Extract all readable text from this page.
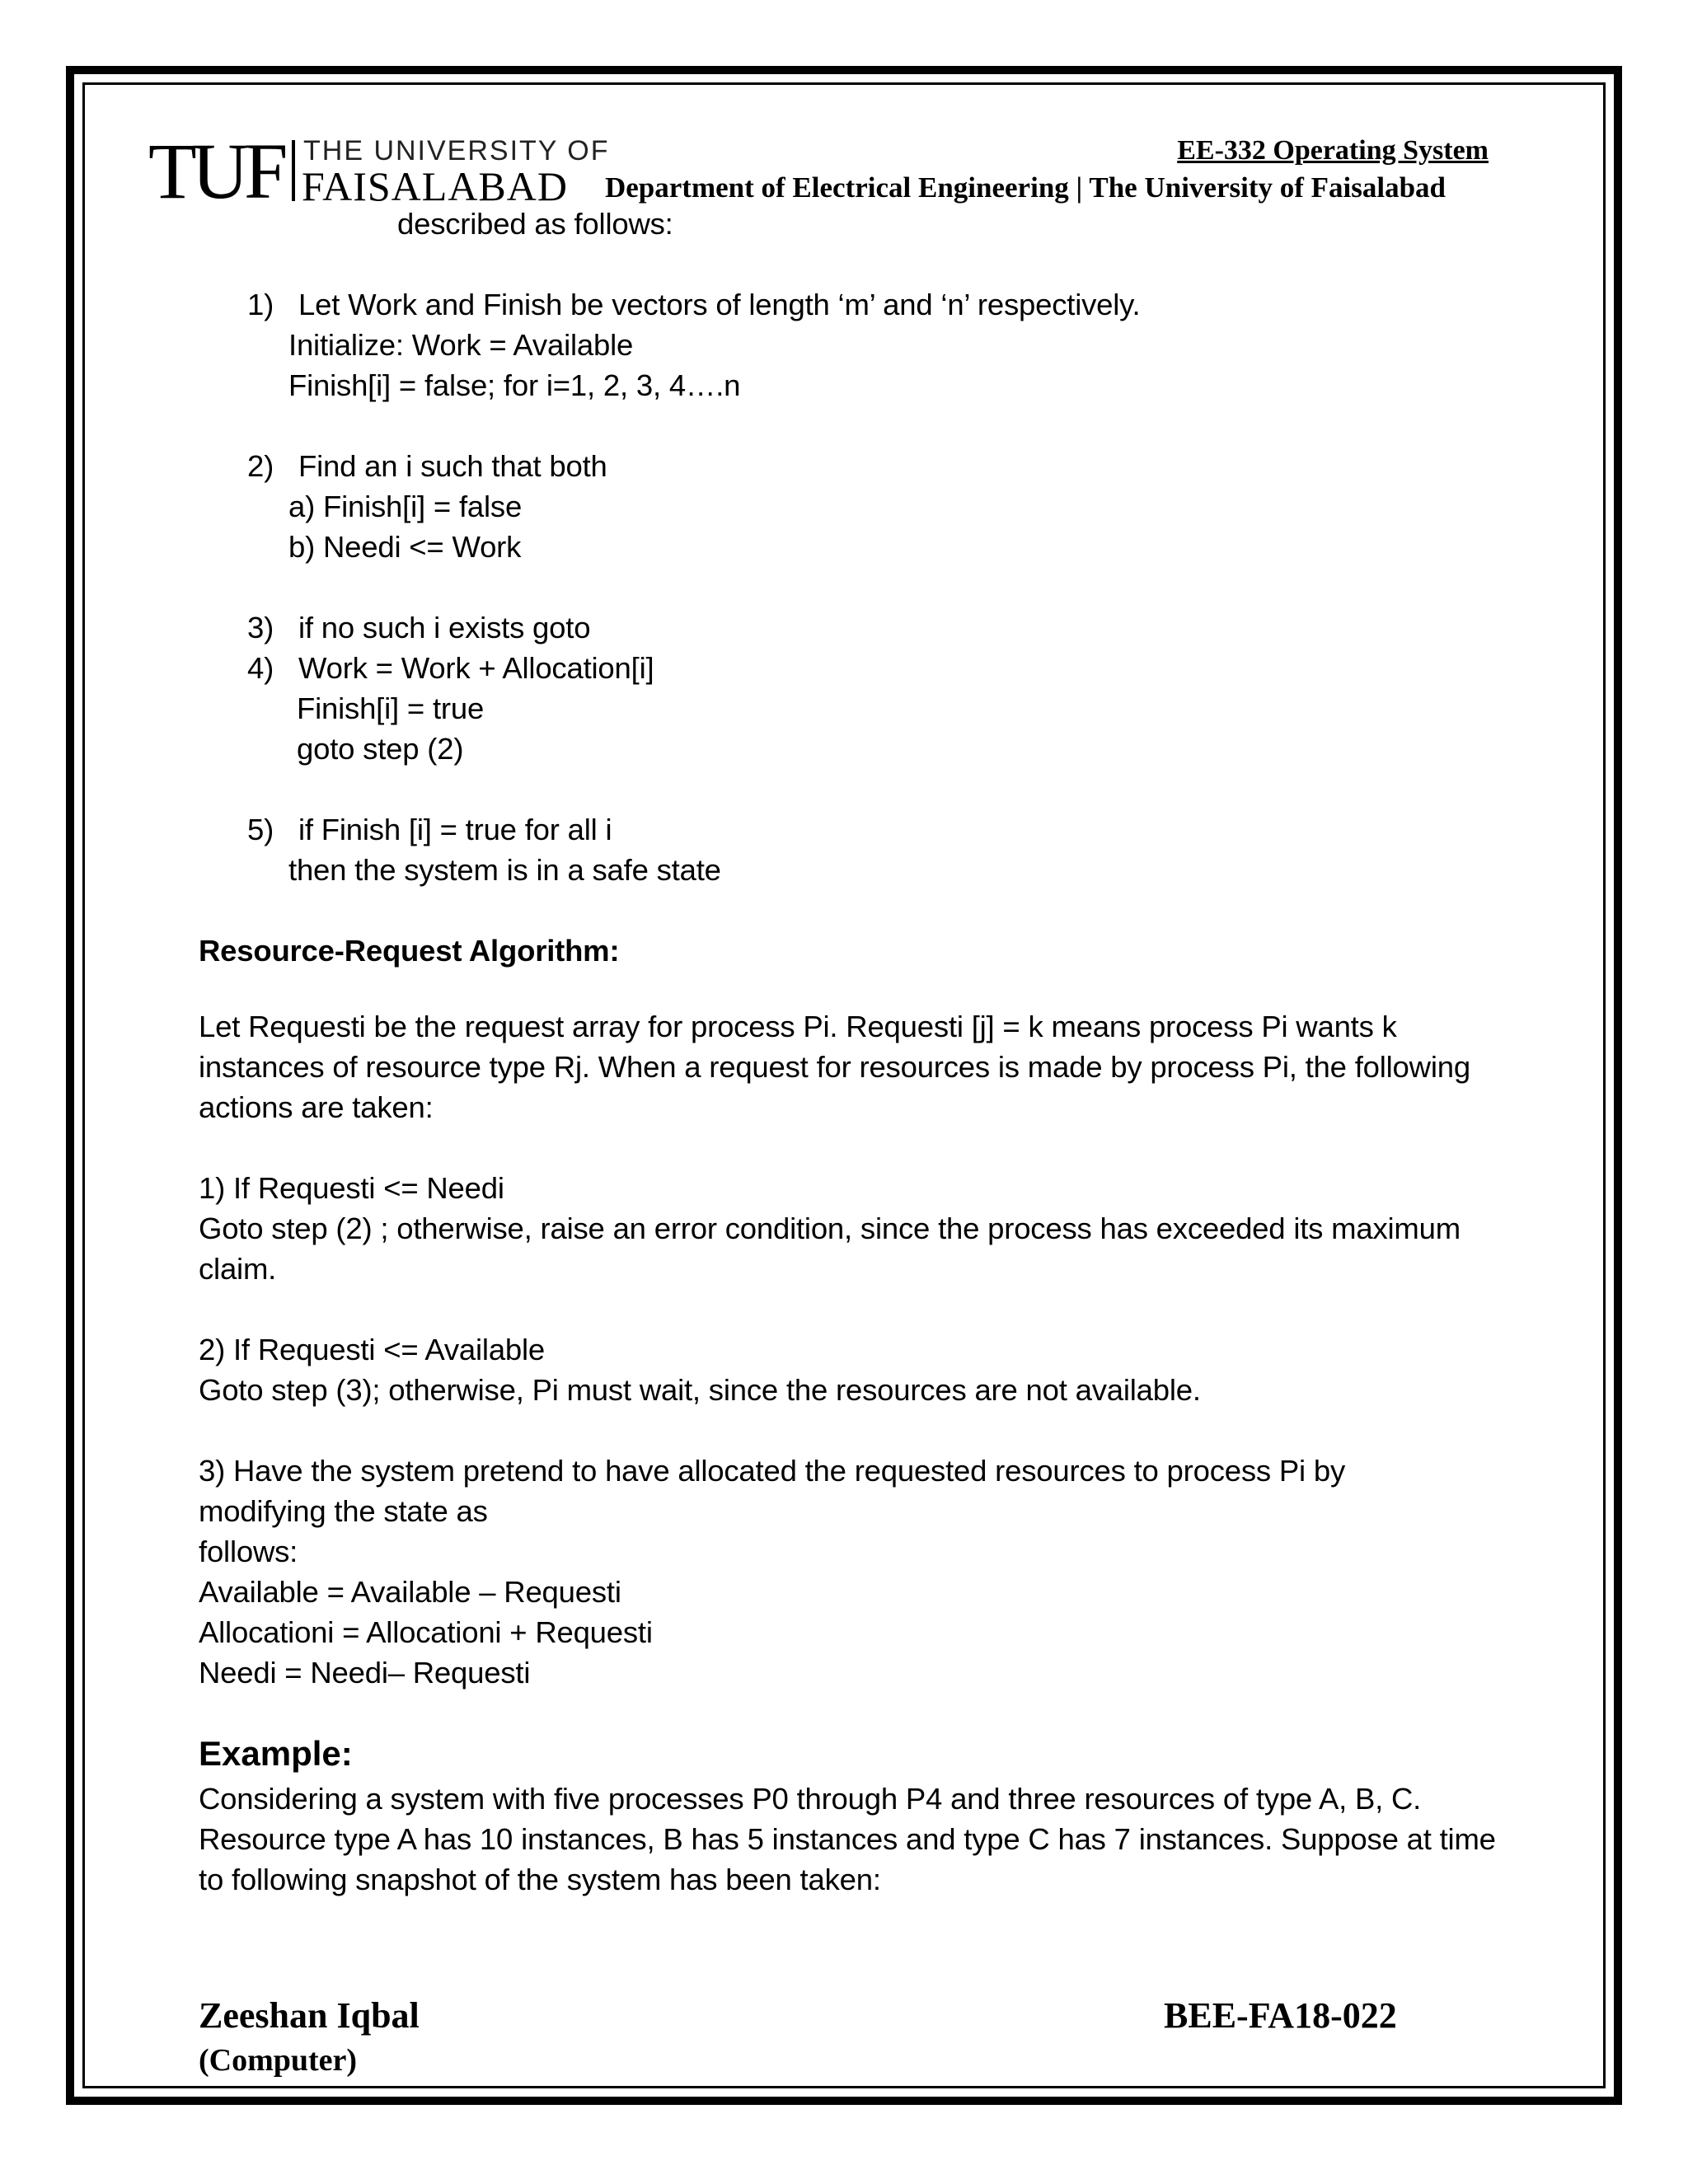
TUF THE UNIVERSITY OF
FAISALABAD
EE-332 Operating System
Department of Electrical Engineering | The University of Faisalabad
described as follows:
1) Let Work and Finish be vectors of length ‘m’ and ‘n’ respectively.
Initialize: Work = Available
Finish[i] = false; for i=1, 2, 3, 4….n
2) Find an i such that both
a) Finish[i] = false
b) Needi <= Work
3) if no such i exists goto
4) Work = Work + Allocation[i]
Finish[i] = true
goto step (2)
5) if Finish [i] = true for all i
then the system is in a safe state
Resource-Request Algorithm:
Let Requesti be the request array for process Pi. Requesti [j] = k means process Pi wants k
instances of resource type Rj. When a request for resources is made by process Pi, the following
actions are taken:
1) If Requesti <= Needi
Goto step (2) ; otherwise, raise an error condition, since the process has exceeded its maximum
claim.
2) If Requesti <= Available
Goto step (3); otherwise, Pi must wait, since the resources are not available.
3) Have the system pretend to have allocated the requested resources to process Pi by
modifying the state as
follows:
Available = Available – Requesti
Allocationi = Allocationi + Requesti
Needi = Needi– Requesti
Example:
Considering a system with five processes P0 through P4 and three resources of type A, B, C.
Resource type A has 10 instances, B has 5 instances and type C has 7 instances. Suppose at time
to following snapshot of the system has been taken:
Zeeshan Iqbal
(Computer)
BEE-FA18-022
